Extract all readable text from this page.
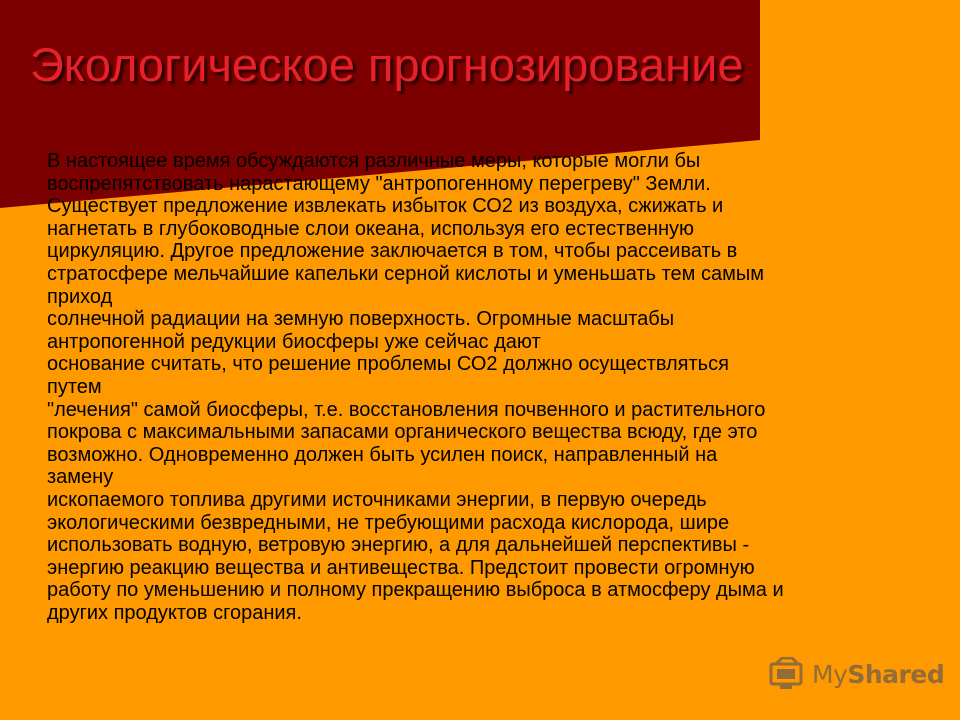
Экологическое прогнозирование
В настоящее время обсуждаются различные меры, которые могли бы
воспрепятствовать нарастающему "антропогенному перегреву" Земли.
Существует предложение извлекать избыток СО2 из воздуха, сжижать и
нагнетать в глубоководные слои океана, используя его естественную
циркуляцию. Другое предложение заключается в том, чтобы рассеивать в
стратосфере мельчайшие капельки серной кислоты и уменьшать тем самым
приход
солнечной радиации на земную поверхность. Огромные масштабы
антропогенной редукции биосферы уже сейчас дают
основание считать, что решение проблемы СО2 должно осуществляться
путем
"лечения" самой биосферы, т.е. восстановления почвенного и растительного
покрова с максимальными запасами органического вещества всюду, где это
возможно. Одновременно должен быть усилен поиск, направленный на
замену
ископаемого топлива другими источниками энергии, в первую очередь
экологическими безвредными, не требующими расхода кислорода, шире
использовать водную, ветровую энергию, а для дальнейшей перспективы -
энергию реакцию вещества и антивещества. Предстоит провести огромную
работу по уменьшению и полному прекращению выброса в атмосферу дыма и
других продуктов сгорания.
MyShared
